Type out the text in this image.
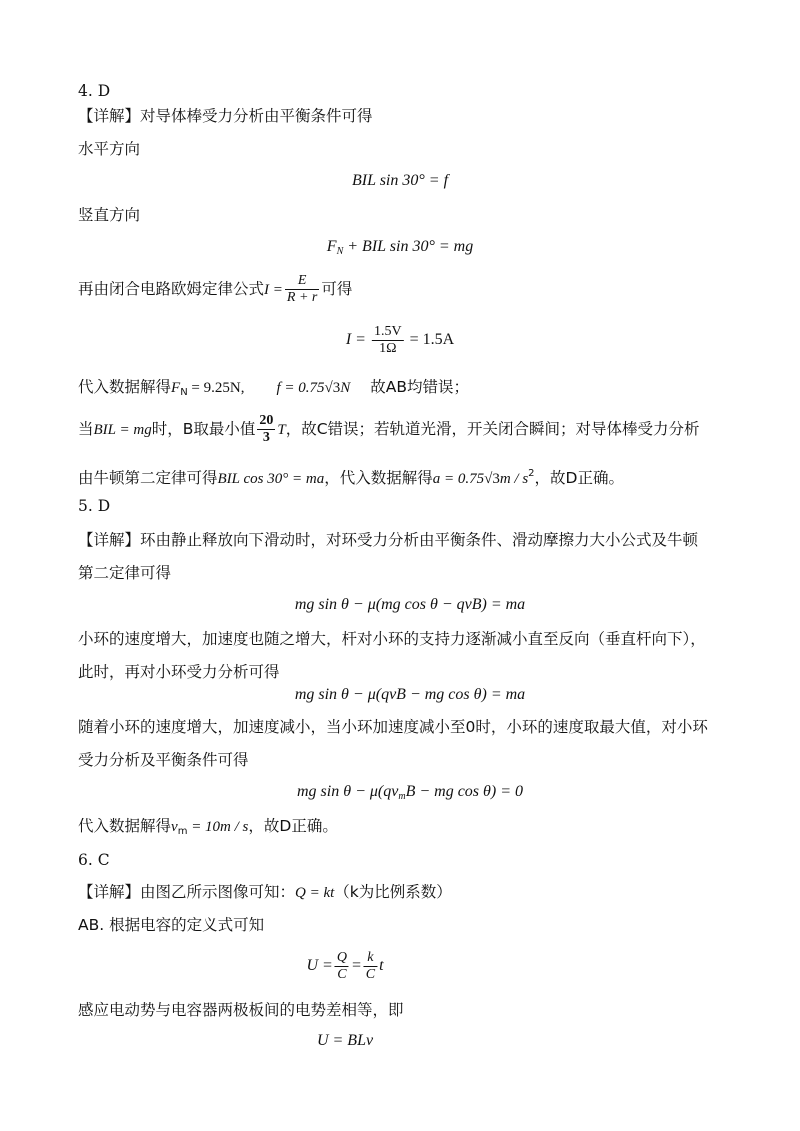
4. D
【详解】对导体棒受力分析由平衡条件可得
水平方向
BIL sin 30° = f
竖直方向
$F_N$ + BIL sin 30° = mg
再由闭合电路欧姆定律公式$I = \frac{E}{R + r}$ 可得
$I = \frac{1.5V}{1\Omega} = 1.5A$
代入数据解得$F_N = 9.25N$, f = 0.75√3N 故AB均错误；
当BIL = mg时，B取最小值 $\frac{20}{3}$ T，故C错误；若轨道光滑，开关闭合瞬间；对导体棒受力分析
由牛顿第二定律可得BIL cos 30° = ma，代入数据解得$a = 0.75√3m / s^2$，故D正确。
5. D
【详解】环由静止释放向下滑动时，对环受力分析由平衡条件、滑动摩擦力大小公式及牛顿
第二定律可得
mg sin θ − μ(mg cos θ − qvB) = ma
小环的速度增大，加速度也随之增大，杆对小环的支持力逐渐减小直至反向（垂直杆向下），
此时，再对小环受力分析可得
mg sin θ − μ(qvB − mg cos θ) = ma
随着小环的速度增大，加速度减小，当小环加速度减小至0时，小环的速度取最大值，对小环
受力分析及平衡条件可得
mg $\sin \theta - \mu(qv_mB$ − mg cos θ) = 0
代入数据解得$v_m = 10m / s$，故D正确。
6. C
【详解】由图乙所示图像可知：Q = kt（k为比例系数）
AB. 根据电容的定义式可知
$U = \frac{Q}{C} = \frac{k}{C}$ t
感应电动势与电容器两极板间的电势差相等，即
U = BLv
